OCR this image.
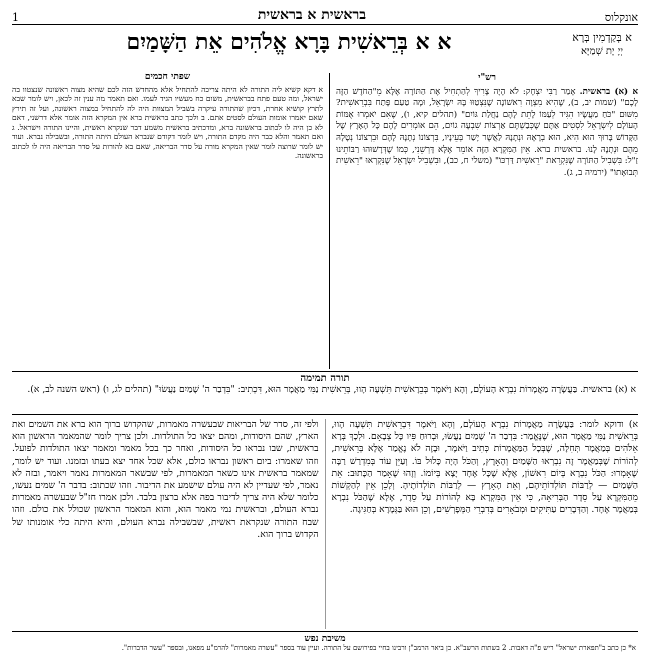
1	בראשית א בראשית	אונקלוס
א א בְּרֵאשִׁית בָּרָא אֱלֹהִים אֵת הַשָּׁמַיִם	א בְּקַדְמִין בְּרָא
יְיָ יָת שְׁמַיָּא
שפתי חכמים

א דקא קשיא ליה התורה לא היתה צריכה להתחיל אלא מהחדש הזה לכם שהיא מצוה ראשונה שנצטוו בה ישראל, ומה טעם פתח בבראשית, משום כח מעשיו הגיד לעמו. ואם תאמר מה ענין זה לכאן, ויש לומר שבא לתרץ קושיא אחרת, דכיון שהתורה עיקרה בשביל המצוות היה לה להתחיל במצוה ראשונה, ועל זה תירץ שאם יאמרו אומות העולם לסטים אתם. ב ולכך כתב בראשית ברא אין המקרא הזה אומר אלא דרשני, דאם לא כן היה לו לכתוב בראשונה ברא, ומדכתיב בראשית משמע דבר שנקרא ראשית, והיינו התורה וישראל. ג ואם תאמר והלא כבר היה מקדם התורה, ויש לומר דקודם שנברא העולם היתה התורה, ובשבילה נברא. ועוד יש לומר שרוצה לומר שאין המקרא מורה על סדר הבריאה, שאם בא להורות על סדר הבריאה היה לו לכתוב בראשונה.

רש"י

א (א) בראשית. אָמַר רַבִּי יִצְחָק: לֹא הָיָה צָרִיךְ לְהַתְחִיל אֶת הַתּוֹרָה אֶלָּא מֵ"הַחֹדֶשׁ הַזֶּה לָכֶם" (שמות יב, ב), שֶׁהִיא מִצְוָה רִאשׁוֹנָה שֶׁנִּצְטַוּוּ בָּהּ יִשְׂרָאֵל, וּמָה טַעַם פָּתַח בִּבְרֵאשִׁית? מִשּׁוּם "כֹּחַ מַעֲשָׂיו הִגִּיד לְעַמּוֹ לָתֵת לָהֶם נַחֲלַת גּוֹיִם" (תהלים קיא, ו), שֶׁאִם יֹאמְרוּ אֻמּוֹת הָעוֹלָם לְיִשְׂרָאֵל לִסְטִים אַתֶּם שֶׁכְּבַשְׁתֶּם אַרְצוֹת שִׁבְעָה גוֹיִם, הֵם אוֹמְרִים לָהֶם כָּל הָאָרֶץ שֶׁל הַקָּדוֹשׁ בָּרוּךְ הוּא הִיא, הוּא בְרָאָהּ וּנְתָנָהּ לַאֲשֶׁר יָשַׁר בְּעֵינָיו, בִּרְצוֹנוֹ נְתָנָהּ לָהֶם וּבִרְצוֹנוֹ נְטָלָהּ מֵהֶם וּנְתָנָהּ לָנוּ. בראשית ברא. אֵין הַמִּקְרָא הַזֶּה אוֹמֵר אֶלָּא דָּרְשֵׁנִי, כְּמוֹ שֶׁדְּרָשׁוּהוּ רַבּוֹתֵינוּ זַ"ל: בִּשְׁבִיל הַתּוֹרָה שֶׁנִּקְרֵאת "רֵאשִׁית דַּרְכּוֹ" (משלי ח, כב), וּבִשְׁבִיל יִשְׂרָאֵל שֶׁנִּקְרְאוּ "רֵאשִׁית תְּבוּאָתוֹ" (ירמיה ב, ג).

תורה תמימה

א (א) בראשית. בַּעֲשָׂרָה מַאֲמָרוֹת נִבְרָא הָעוֹלָם, וְהָא וַיֹּאמֶר בְּבֵרָאשִׁית תִּשְׁעָה הָווּ, בְּרֵאשִׁית נַמִּי מַאֲמָר הוּא, דִּכְתִיב: "בִּדְבַר ה' שָׁמַיִם נַעֲשׂוּ" (תהלים לג, ו) (ראש השנה לב, א).

ולפי זה, סדר של הבריאות שבעשרה מאמרות, שהקדוש ברוך הוא ברא את השמים ואת הארץ, שהם היסודות, ומהם יצאו כל התולדות. ולכן צריך לומר שהמאמר הראשון הוא בראשית, שבו נבראו כל היסודות, ואחר כך בכל מאמר ומאמר יצאו התולדות לפועל. וזהו שאמרו: ביום ראשון נבראו כולם, אלא שכל אחד יצא בעתו ובזמנו. ועוד יש לומר, שמאמר בראשית אינו כשאר המאמרות, לפי שבשאר המאמרות נאמר ויאמר, ובזה לא נאמר, לפי שעדיין לא היה עולם שישמע את הדיבור. וזהו שכתוב: בדבר ה' שמים נעשו, כלומר שלא היה צריך לדיבור בפה אלא ברצון בלבד. ולכן אמרו חז"ל שבעשרה מאמרות נברא העולם, ובראשית נמי מאמר הוא, והוא המאמר הראשון שכולל את כולם. וזהו שבח התורה שנקראת ראשית, שבשבילה נברא העולם, והיא היתה כלי אומנותו של הקדוש ברוך הוא.
א) ודוקא לומר: בַּעֲשָׂרָה מַאֲמָרוֹת נִבְרָא הָעוֹלָם, וְהָא וַיֹּאמֶר דִּבְרֵאשִׁית תִּשְׁעָה הָווּ, בְּרֵאשִׁית נַמִּי מַאֲמָר הוּא, שֶׁנֶּאֱמַר: בִּדְבַר ה' שָׁמַיִם נַעֲשׂוּ, וּבְרוּחַ פִּיו כָּל צְבָאָם. וּלְכָךְ בְּרָא אֵלֹּהִים בְּמַאֲמָר תְּחִלָּה, שֶׁבְּכָל הַמַּאֲמָרוֹת כְּתִיב וַיֹּאמֶר, וּבָזֶה לֹא נֶאֱמַר אֶלָּא בְּרֵאשִׁית, לְהוֹרוֹת שֶׁבְּמַאֲמָר זֶה נִבְרְאוּ הַשָּׁמַיִם וְהָאָרֶץ, וְהַכֹּל הָיָה כָּלוּל בּוֹ. וְעַיֵּן עוֹד בְּמִדְרַשׁ רַבָּה שֶׁאָמְרוּ: הַכֹּל נִבְרָא בְּיוֹם רִאשׁוֹן, אֶלָּא שֶׁכָּל אֶחָד יָצָא בְּיוֹמוֹ. וְזֶהוּ שֶׁאָמַר הַכָּתוּב: אֵת הַשָּׁמַיִם — לְרַבּוֹת תּוֹלְדוֹתֵיהֶם, וְאֵת הָאָרֶץ — לְרַבּוֹת תּוֹלְדוֹתֶיהָ. וְלָכֵן אֵין לְהַקְשׁוֹת מֵהַמִּקְרָא עַל סֵדֶר הַבְּרִיאָה, כִּי אֵין הַמִּקְרָא בָּא לְהוֹרוֹת עַל סֵדֶר, אֶלָּא שֶׁהַכֹּל נִבְרָא בְּמַאֲמָר אֶחָד. וְהַדְּבָרִים עַתִּיקִים וּמְבֹאָרִים בְּדִבְרֵי הַמְּפָרְשִׁים, וְכֵן הוּא בַּגְּמָרָא בְּחַגִּיגָה.
משיבת נפש

א* כן כתב ב"תפארת ישראל" ריש פ"ה דאבות. 2 בשתות הרשב"א. כן ביאר הרמב"ן ורבינו בחיי בפירושם על התורה. ועיין עוד בספר "עשרה מאמרות" להרמ"ע מפאנו, ובספר "עשר הדברות".
